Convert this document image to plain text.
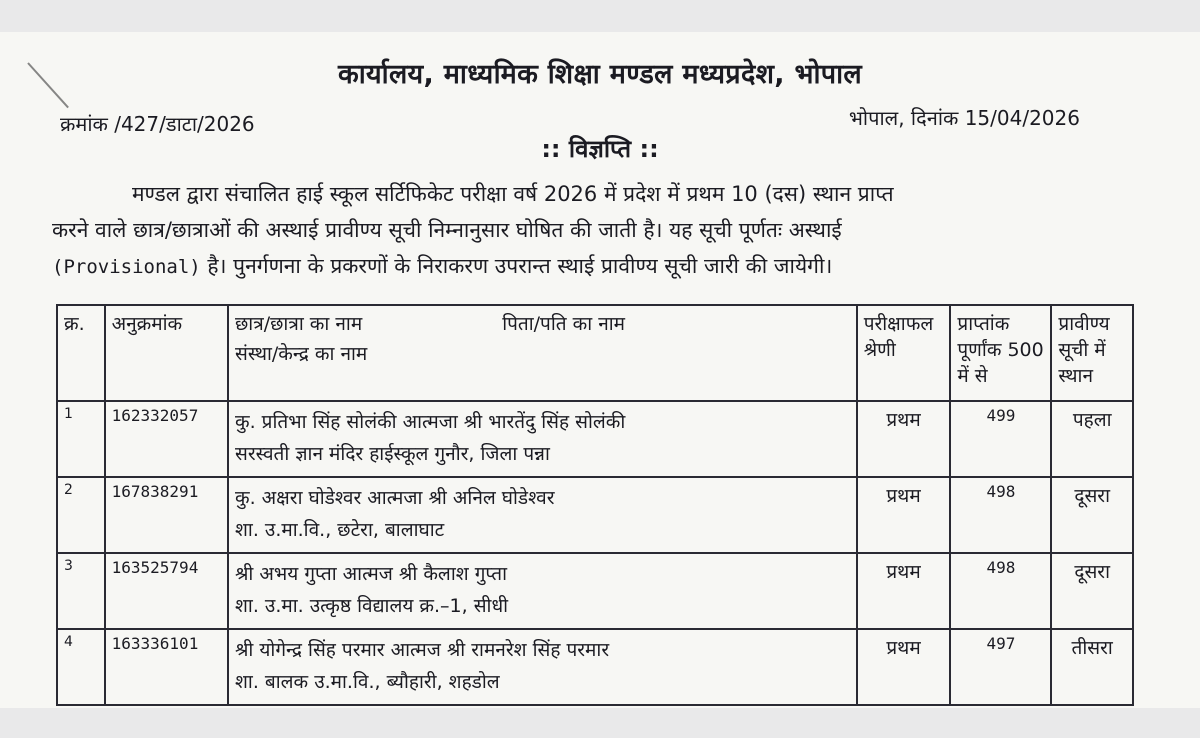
कार्यालय, माध्यमिक शिक्षा मण्डल मध्यप्रदेश, भोपाल
क्रमांक /427/डाटा/2026	भोपाल, दिनांक 15/04/2026
:: विज्ञप्ति ::
मण्डल द्वारा संचालित हाई स्कूल सर्टिफिकेट परीक्षा वर्ष 2026 में प्रदेश में प्रथम 10 (दस) स्थान प्राप्त
करने वाले छात्र/छात्राओं की अस्थाई प्रावीण्य सूची निम्नानुसार घोषित की जाती है। यह सूची पूर्णतः अस्थाई
(Provisional) है। पुनर्गणना के प्रकरणों के निराकरण उपरान्त स्थाई प्रावीण्य सूची जारी की जायेगी।
क्र.	अनुक्रमांक	छात्र/छात्रा का नाम पिता/पति का नाम
संस्था/केन्द्र का नाम	परीक्षाफल श्रेणी	प्राप्तांक पूर्णांक 500 में से	प्रावीण्य सूची में स्थान
1	162332057	कु. प्रतिभा सिंह सोलंकी आत्मजा श्री भारतेंदु सिंह सोलंकी
सरस्वती ज्ञान मंदिर हाईस्कूल गुनौर, जिला पन्ना	प्रथम	499	पहला
2	167838291	कु. अक्षरा घोडेश्वर आत्मजा श्री अनिल घोडेश्वर
शा. उ.मा.वि., छटेरा, बालाघाट	प्रथम	498	दूसरा
3	163525794	श्री अभय गुप्ता आत्मज श्री कैलाश गुप्ता
शा. उ.मा. उत्कृष्ठ विद्यालय क्र.–1, सीधी	प्रथम	498	दूसरा
4	163336101	श्री योगेन्द्र सिंह परमार आत्मज श्री रामनरेश सिंह परमार
शा. बालक उ.मा.वि., ब्यौहारी, शहडोल	प्रथम	497	तीसरा
